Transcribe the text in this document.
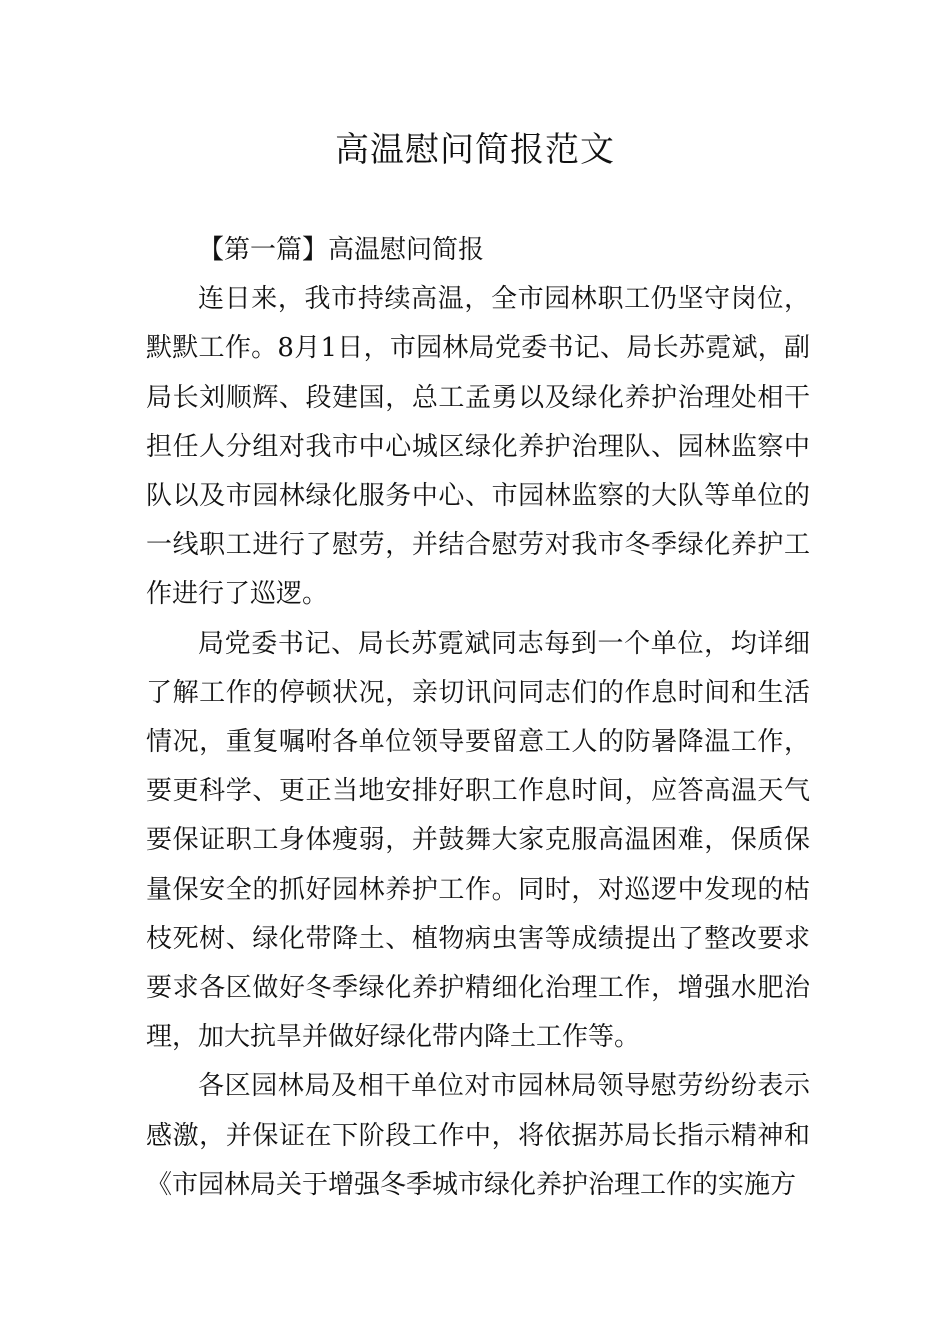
高温慰问简报范文

【第一篇】高温慰问简报

连日来，我市持续高温，全市园林职工仍坚守岗位，默默工作。8月1日，市园林局党委书记、局长苏霓斌，副局长刘顺辉、段建国，总工孟勇以及绿化养护治理处相干担任人分组对我市中心城区绿化养护治理队、园林监察中队以及市园林绿化服务中心、市园林监察的大队等单位的一线职工进行了慰劳，并结合慰劳对我市冬季绿化养护工作进行了巡逻。

局党委书记、局长苏霓斌同志每到一个单位，均详细了解工作的停顿状况，亲切讯问同志们的作息时间和生活情况，重复嘱咐各单位领导要留意工人的防暑降温工作，要更科学、更正当地安排好职工作息时间，应答高温天气要保证职工身体瘦弱，并鼓舞大家克服高温困难，保质保量保安全的抓好园林养护工作。同时，对巡逻中发现的枯枝死树、绿化带降土、植物病虫害等成绩提出了整改要求要求各区做好冬季绿化养护精细化治理工作，增强水肥治理，加大抗旱并做好绿化带内降土工作等。

各区园林局及相干单位对市园林局领导慰劳纷纷表示感激，并保证在下阶段工作中，将依据苏局长指示精神和《市园林局关于增强冬季城市绿化养护治理工作的实施方
